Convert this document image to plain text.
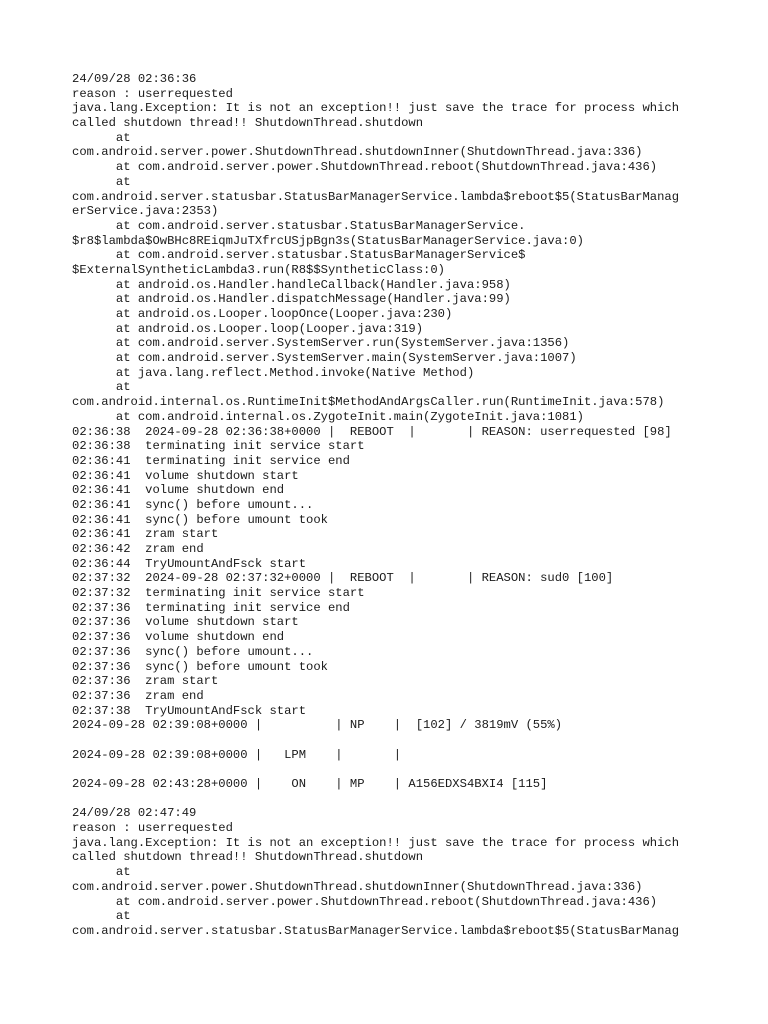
24/09/28 02:36:36
reason : userrequested
java.lang.Exception: It is not an exception!! just save the trace for process which
called shutdown thread!! ShutdownThread.shutdown
at
com.android.server.power.ShutdownThread.shutdownInner(ShutdownThread.java:336)
at com.android.server.power.ShutdownThread.reboot(ShutdownThread.java:436)
at
com.android.server.statusbar.StatusBarManagerService.lambda$reboot$5(StatusBarManag
erService.java:2353)
at com.android.server.statusbar.StatusBarManagerService.
$r8$lambda$OwBHc8REiqmJuTXfrcUSjpBgn3s(StatusBarManagerService.java:0)
at com.android.server.statusbar.StatusBarManagerService$
$ExternalSyntheticLambda3.run(R8$$SyntheticClass:0)
at android.os.Handler.handleCallback(Handler.java:958)
at android.os.Handler.dispatchMessage(Handler.java:99)
at android.os.Looper.loopOnce(Looper.java:230)
at android.os.Looper.loop(Looper.java:319)
at com.android.server.SystemServer.run(SystemServer.java:1356)
at com.android.server.SystemServer.main(SystemServer.java:1007)
at java.lang.reflect.Method.invoke(Native Method)
at
com.android.internal.os.RuntimeInit$MethodAndArgsCaller.run(RuntimeInit.java:578)
at com.android.internal.os.ZygoteInit.main(ZygoteInit.java:1081)
02:36:38  2024-09-28 02:36:38+0000 |  REBOOT  |       | REASON: userrequested [98]
02:36:38  terminating init service start
02:36:41  terminating init service end
02:36:41  volume shutdown start
02:36:41  volume shutdown end
02:36:41  sync() before umount...
02:36:41  sync() before umount took
02:36:41  zram start
02:36:42  zram end
02:36:44  TryUmountAndFsck start
02:37:32  2024-09-28 02:37:32+0000 |  REBOOT  |       | REASON: sud0 [100]
02:37:32  terminating init service start
02:37:36  terminating init service end
02:37:36  volume shutdown start
02:37:36  volume shutdown end
02:37:36  sync() before umount...
02:37:36  sync() before umount took
02:37:36  zram start
02:37:36  zram end
02:37:38  TryUmountAndFsck start
2024-09-28 02:39:08+0000 |          | NP    |  [102] / 3819mV (55%)
2024-09-28 02:39:08+0000 |   LPM    |       |
2024-09-28 02:43:28+0000 |    ON    | MP    | A156EDXS4BXI4 [115]
24/09/28 02:47:49
reason : userrequested
java.lang.Exception: It is not an exception!! just save the trace for process which
called shutdown thread!! ShutdownThread.shutdown
at
com.android.server.power.ShutdownThread.shutdownInner(ShutdownThread.java:336)
at com.android.server.power.ShutdownThread.reboot(ShutdownThread.java:436)
at
com.android.server.statusbar.StatusBarManagerService.lambda$reboot$5(StatusBarManag
